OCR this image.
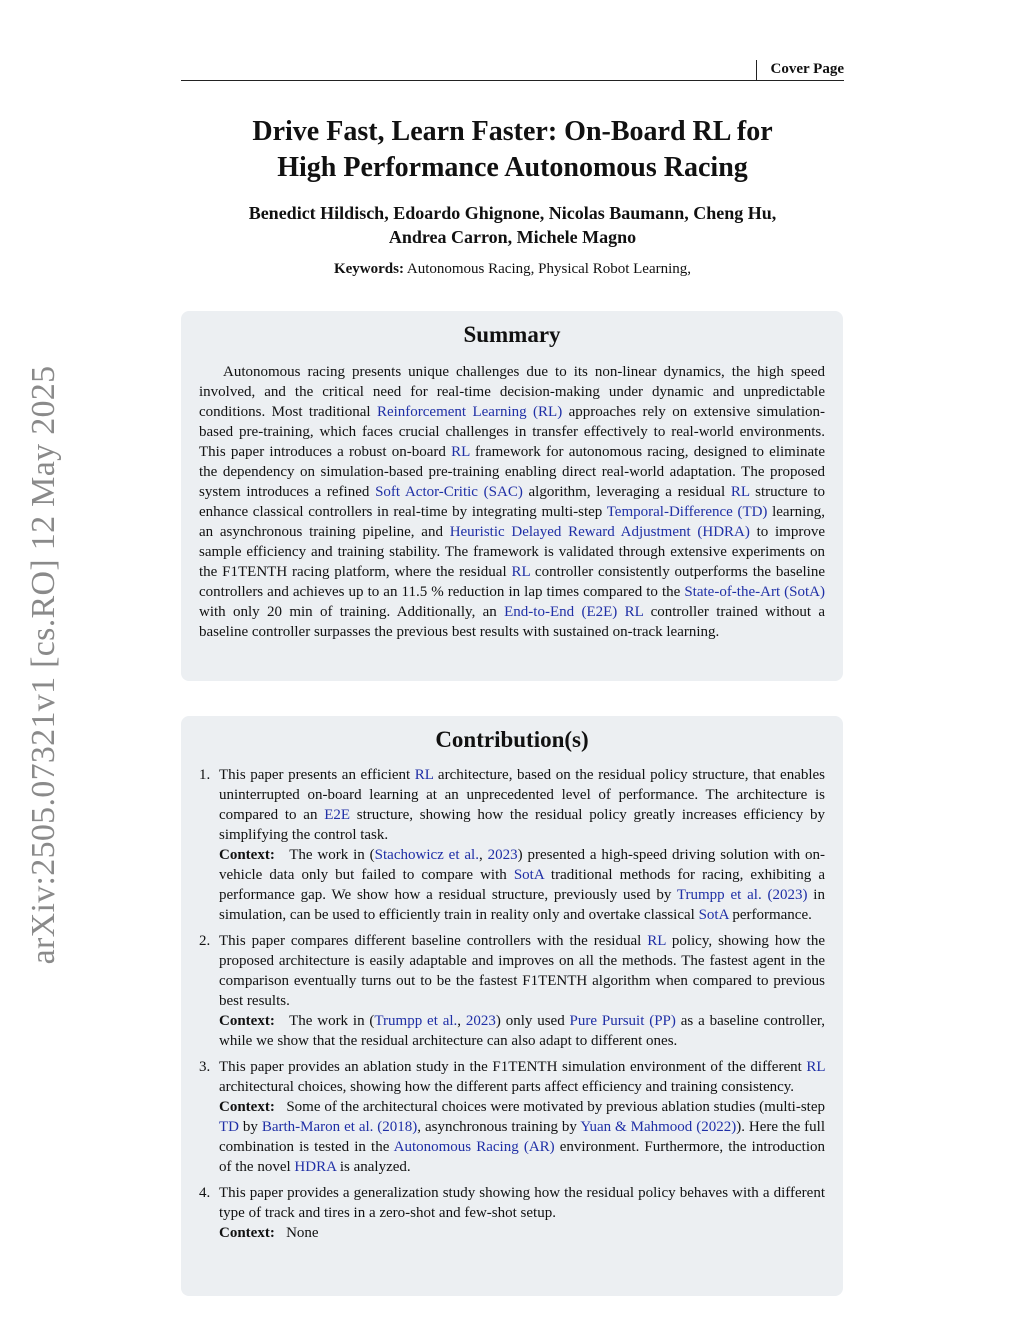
Cover Page
arXiv:2505.07321v1 [cs.RO] 12 May 2025
Drive Fast, Learn Faster: On-Board RL for
High Performance Autonomous Racing
Benedict Hildisch, Edoardo Ghignone, Nicolas Baumann, Cheng Hu,
Andrea Carron, Michele Magno
Keywords: Autonomous Racing, Physical Robot Learning,
Summary

Autonomous racing presents unique challenges due to its non-linear dynamics, the high speed involved, and the critical need for real-time decision-making under dynamic and unpredictable conditions. Most traditional Reinforcement Learning (RL) approaches rely on extensive simulation-based pre-training, which faces crucial challenges in transfer effectively to real-world environments. This paper introduces a robust on-board RL framework for autonomous racing, designed to eliminate the dependency on simulation-based pre-training enabling direct real-world adaptation. The proposed system introduces a refined Soft Actor-Critic (SAC) algorithm, leveraging a residual RL structure to enhance classical controllers in real-time by integrating multi-step Temporal-Difference (TD) learning, an asynchronous training pipeline, and Heuristic Delayed Reward Adjustment (HDRA) to improve sample efficiency and training stability. The framework is validated through extensive experiments on the F1TENTH racing platform, where the residual RL controller consistently outperforms the baseline controllers and achieves up to an 11.5 % reduction in lap times compared to the State-of-the-Art (SotA) with only 20 min of training. Additionally, an End-to-End (E2E) RL controller trained without a baseline controller surpasses the previous best results with sustained on-track learning.

Contribution(s)
1. This paper presents an efficient RL architecture, based on the residual policy structure, that enables uninterrupted on-board learning at an unprecedented level of performance. The architecture is compared to an E2E structure, showing how the residual policy greatly increases efficiency by simplifying the control task.
Context: The work in (Stachowicz et al., 2023) presented a high-speed driving solution with on-vehicle data only but failed to compare with SotA traditional methods for racing, exhibiting a performance gap. We show how a residual structure, previously used by Trumpp et al. (2023) in simulation, can be used to efficiently train in reality only and overtake classical SotA performance.
2. This paper compares different baseline controllers with the residual RL policy, showing how the proposed architecture is easily adaptable and improves on all the methods. The fastest agent in the comparison eventually turns out to be the fastest F1TENTH algorithm when compared to previous best results.
Context: The work in (Trumpp et al., 2023) only used Pure Pursuit (PP) as a baseline controller, while we show that the residual architecture can also adapt to different ones.
3. This paper provides an ablation study in the F1TENTH simulation environment of the different RL architectural choices, showing how the different parts affect efficiency and training consistency.
Context: Some of the architectural choices were motivated by previous ablation studies (multi-step TD by Barth-Maron et al. (2018), asynchronous training by Yuan & Mahmood (2022)). Here the full combination is tested in the Autonomous Racing (AR) environment. Furthermore, the introduction of the novel HDRA is analyzed.
4. This paper provides a generalization study showing how the residual policy behaves with a different type of track and tires in a zero-shot and few-shot setup.
Context: None
